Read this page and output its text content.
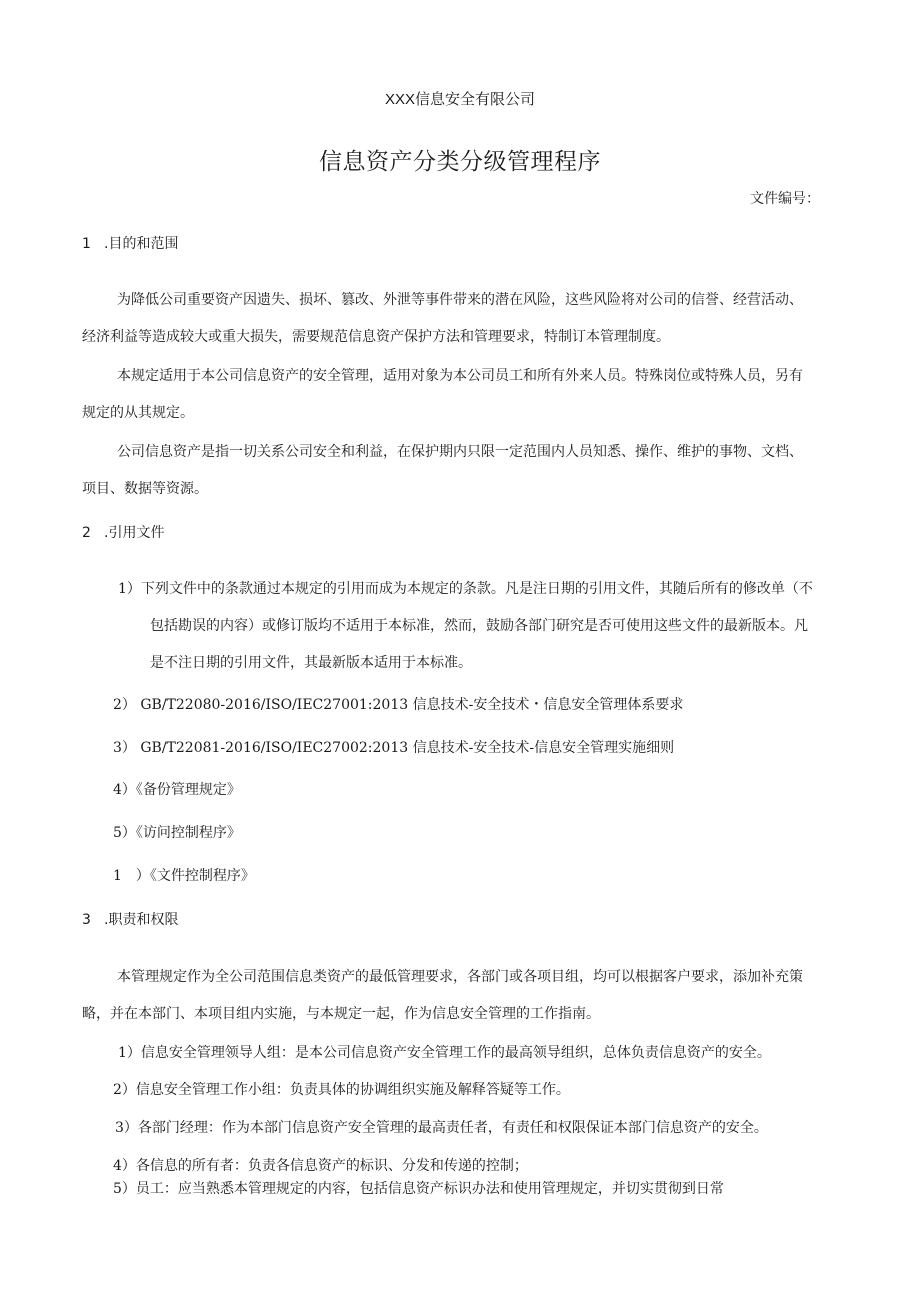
XXX信息安全有限公司
信息资产分类分级管理程序
文件编号：
1 .目的和范围
为降低公司重要资产因遗失、损坏、篡改、外泄等事件带来的潜在风险，这些风险将对公司的信誉、经营活动、
经济利益等造成较大或重大损失，需要规范信息资产保护方法和管理要求，特制订本管理制度。
本规定适用于本公司信息资产的安全管理，适用对象为本公司员工和所有外来人员。特殊岗位或特殊人员，另有
规定的从其规定。
公司信息资产是指一切关系公司安全和利益，在保护期内只限一定范围内人员知悉、操作、维护的事物、文档、
项目、数据等资源。
2 .引用文件
1）下列文件中的条款通过本规定的引用而成为本规定的条款。凡是注日期的引用文件，其随后所有的修改单（不
包括勘误的内容）或修订版均不适用于本标准，然而，鼓励各部门研究是否可使用这些文件的最新版本。凡
是不注日期的引用文件，其最新版本适用于本标准。
2） GB/T22080-2016/ISO/IEC27001:2013 信息技术-安全技术・信息安全管理体系要求
3） GB/T22081-2016/ISO/IEC27002:2013 信息技术-安全技术-信息安全管理实施细则
4）《备份管理规定》
5）《访问控制程序》
1　）《文件控制程序》
3 .职责和权限
本管理规定作为全公司范围信息类资产的最低管理要求，各部门或各项目组，均可以根据客户要求，添加补充策
略，并在本部门、本项目组内实施，与本规定一起，作为信息安全管理的工作指南。
1）信息安全管理领导人组：是本公司信息资产安全管理工作的最高领导组织，总体负责信息资产的安全。
2）信息安全管理工作小组：负责具体的协调组织实施及解释答疑等工作。
3）各部门经理：作为本部门信息资产安全管理的最高责任者，有责任和权限保证本部门信息资产的安全。
4）各信息的所有者：负责各信息资产的标识、分发和传递的控制；
5）员工：应当熟悉本管理规定的内容，包括信息资产标识办法和使用管理规定，并切实贯彻到日常
